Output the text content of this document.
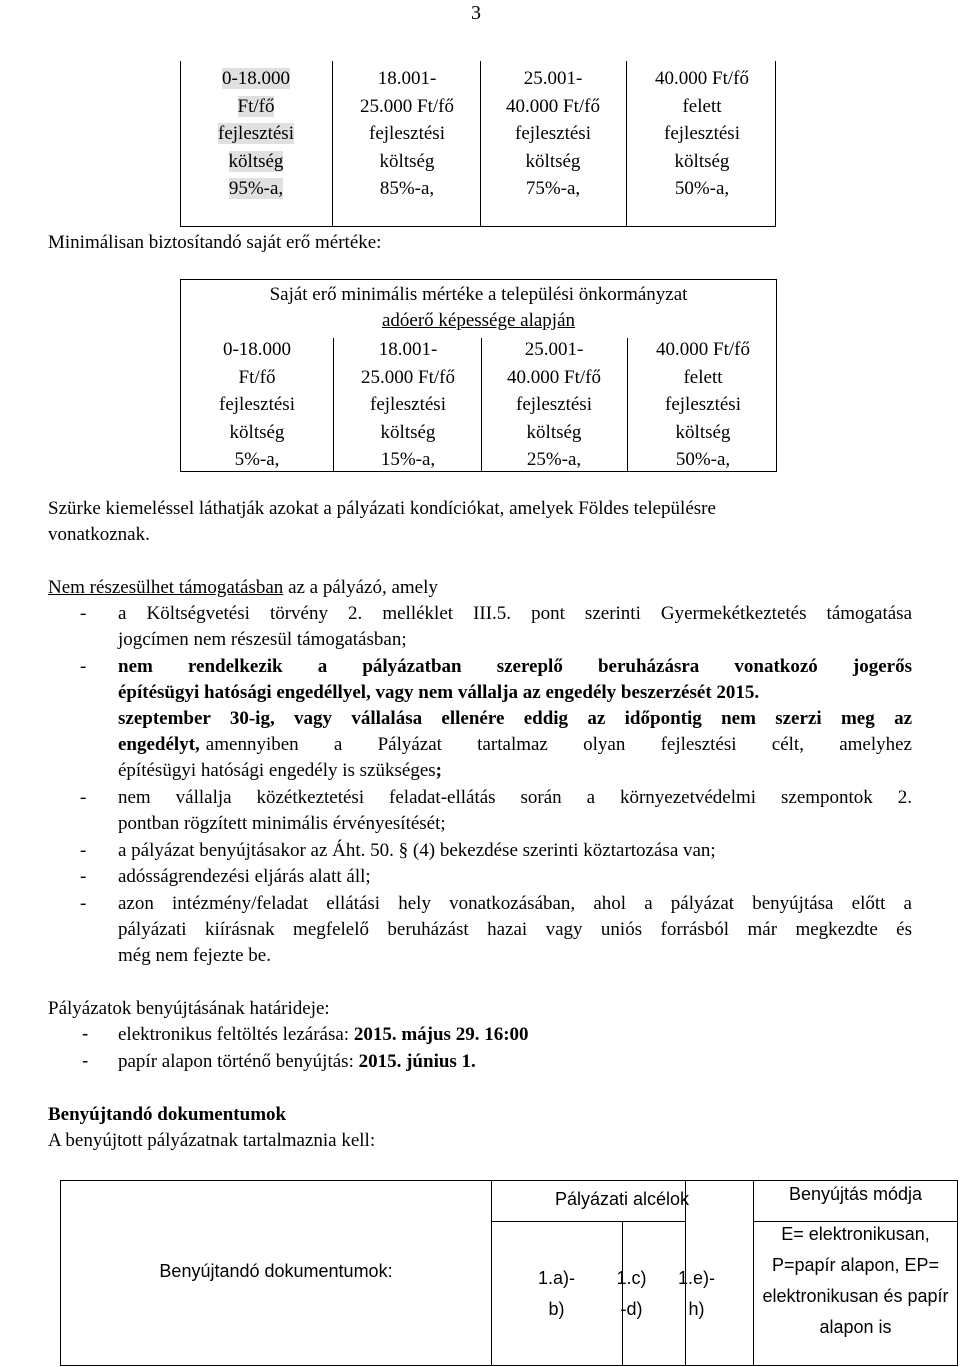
3
0-18.000
Ft/fő
fejlesztési
költség
95%-a,
18.001-
25.000 Ft/fő
fejlesztési
költség
85%-a,
25.001-
40.000 Ft/fő
fejlesztési
költség
75%-a,
40.000 Ft/fő
felett
fejlesztési
költség
50%-a,
Minimálisan biztosítandó saját erő mértéke:
Saját erő minimális mértéke a települési önkormányzat
adóerő képessége alapján
0-18.000
Ft/fő
fejlesztési
költség
5%-a,
18.001-
25.000 Ft/fő
fejlesztési
költség
15%-a,
25.001-
40.000 Ft/fő
fejlesztési
költség
25%-a,
40.000 Ft/fő
felett
fejlesztési
költség
50%-a,
Szürke kiemeléssel láthatják azokat a pályázati kondíciókat, amelyek Földes településre
vonatkoznak.
Nem részesülhet támogatásban az a pályázó, amely
- a Költségvetési törvény 2. melléklet III.5. pont szerinti Gyermekétkeztetés támogatása
jogcímen nem részesül támogatásban;
- nem rendelkezik a pályázatban szereplő beruházásra vonatkozó jogerős
építésügyi hatósági engedéllyel, vagy nem vállalja az engedély beszerzését 2015.
szeptember 30-ig, vagy vállalása ellenére eddig az időpontig nem szerzi meg az
engedélyt, amennyiben a Pályázat tartalmaz olyan fejlesztési célt, amelyhez
építésügyi hatósági engedély is szükséges;
- nem vállalja közétkeztetési feladat-ellátás során a környezetvédelmi szempontok 2.
pontban rögzített minimális érvényesítését;
- a pályázat benyújtásakor az Áht. 50. § (4) bekezdése szerinti köztartozása van;
- adósságrendezési eljárás alatt áll;
- azon intézmény/feladat ellátási hely vonatkozásában, ahol a pályázat benyújtása előtt a
pályázati kiírásnak megfelelő beruházást hazai vagy uniós forrásból már megkezdte és
még nem fejezte be.
Pályázatok benyújtásának határideje:
- elektronikus feltöltés lezárása: 2015. május 29. 16:00
- papír alapon történő benyújtás: 2015. június 1.
Benyújtandó dokumentumok
A benyújtott pályázatnak tartalmaznia kell:
Benyújtandó dokumentumok:
Pályázati alcélok
1.a)-
b)
1.c)
-d)
1.e)-
h)
Benyújtás módja
E= elektronikusan,
P=papír alapon, EP=
elektronikusan és papír
alapon is
